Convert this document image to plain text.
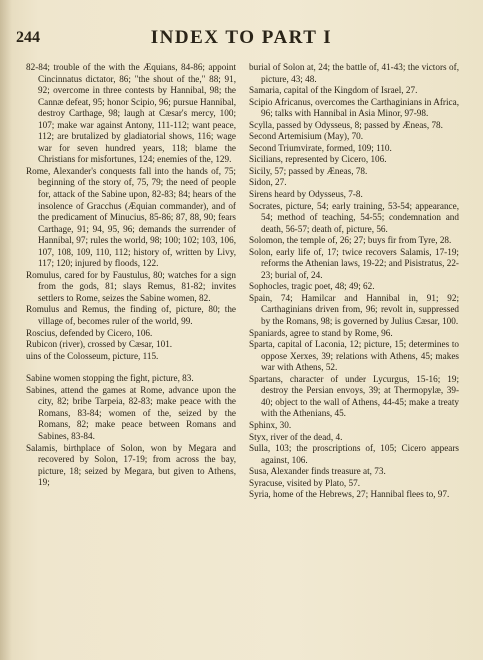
244	INDEX TO PART I

82-84; trouble of the with the Æquians, 84-86; appoint Cincinnatus dictator, 86; "the shout of the," 88; 91, 92; overcome in three contests by Hannibal, 98; the Cannæ defeat, 95; honor Scipio, 96; pursue Hannibal, destroy Carthage, 98; laugh at Cæsar's mercy, 100; 107; make war against Antony, 111-112; want peace, 112; are brutalized by gladiatorial shows, 116; wage war for seven hundred years, 118; blame the Christians for misfortunes, 124; enemies of the, 129.

Rome, Alexander's conquests fall into the hands of, 75; beginning of the story of, 75, 79; the need of people for, attack of the Sabine upon, 82-83; 84; hears of the insolence of Gracchus (Æquian commander), and of the predicament of Minucius, 85-86; 87, 88, 90; fears Carthage, 91; 94, 95, 96; demands the surrender of Hannibal, 97; rules the world, 98; 100; 102; 103, 106, 107, 108, 109, 110, 112; history of, written by Livy, 117; 120; injured by floods, 122.

Romulus, cared for by Faustulus, 80; watches for a sign from the gods, 81; slays Remus, 81-82; invites settlers to Rome, seizes the Sabine women, 82.

Romulus and Remus, the finding of, picture, 80; the village of, becomes ruler of the world, 99.

Roscius, defended by Cicero, 106.

Rubicon (river), crossed by Cæsar, 101.

uins of the Colosseum, picture, 115.

Sabine women stopping the fight, picture, 83.

Sabines, attend the games at Rome, advance upon the city, 82; bribe Tarpeia, 82-83; make peace with the Romans, 83-84; women of the, seized by the Romans, 82; make peace between Romans and Sabines, 83-84.

Salamis, birthplace of Solon, won by Megara and recovered by Solon, 17-19; from across the bay, picture, 18; seized by Megara, but given to Athens, 19;

burial of Solon at, 24; the battle of, 41-43; the victors of, picture, 43; 48.

Samaria, capital of the Kingdom of Israel, 27.

Scipio Africanus, overcomes the Carthaginians in Africa, 96; talks with Hannibal in Asia Minor, 97-98.

Scylla, passed by Odysseus, 8; passed by Æneas, 78.

Second Artemisium (May), 70.

Second Triumvirate, formed, 109; 110.

Sicilians, represented by Cicero, 106.

Sicily, 57; passed by Æneas, 78.

Sidon, 27.

Sirens heard by Odysseus, 7-8.

Socrates, picture, 54; early training, 53-54; appearance, 54; method of teaching, 54-55; condemnation and death, 56-57; death of, picture, 56.

Solomon, the temple of, 26; 27; buys fir from Tyre, 28.

Solon, early life of, 17; twice recovers Salamis, 17-19; reforms the Athenian laws, 19-22; and Pisistratus, 22-23; burial of, 24.

Sophocles, tragic poet, 48; 49; 62.

Spain, 74; Hamilcar and Hannibal in, 91; 92; Carthaginians driven from, 96; revolt in, suppressed by the Romans, 98; is governed by Julius Cæsar, 100.

Spaniards, agree to stand by Rome, 96.

Sparta, capital of Laconia, 12; picture, 15; determines to oppose Xerxes, 39; relations with Athens, 45; makes war with Athens, 52.

Spartans, character of under Lycurgus, 15-16; 19; destroy the Persian envoys, 39; at Thermopylæ, 39-40; object to the wall of Athens, 44-45; make a treaty with the Athenians, 45.

Sphinx, 30.

Styx, river of the dead, 4.

Sulla, 103; the proscriptions of, 105; Cicero appears against, 106.

Susa, Alexander finds treasure at, 73.

Syracuse, visited by Plato, 57.

Syria, home of the Hebrews, 27; Hannibal flees to, 97.
